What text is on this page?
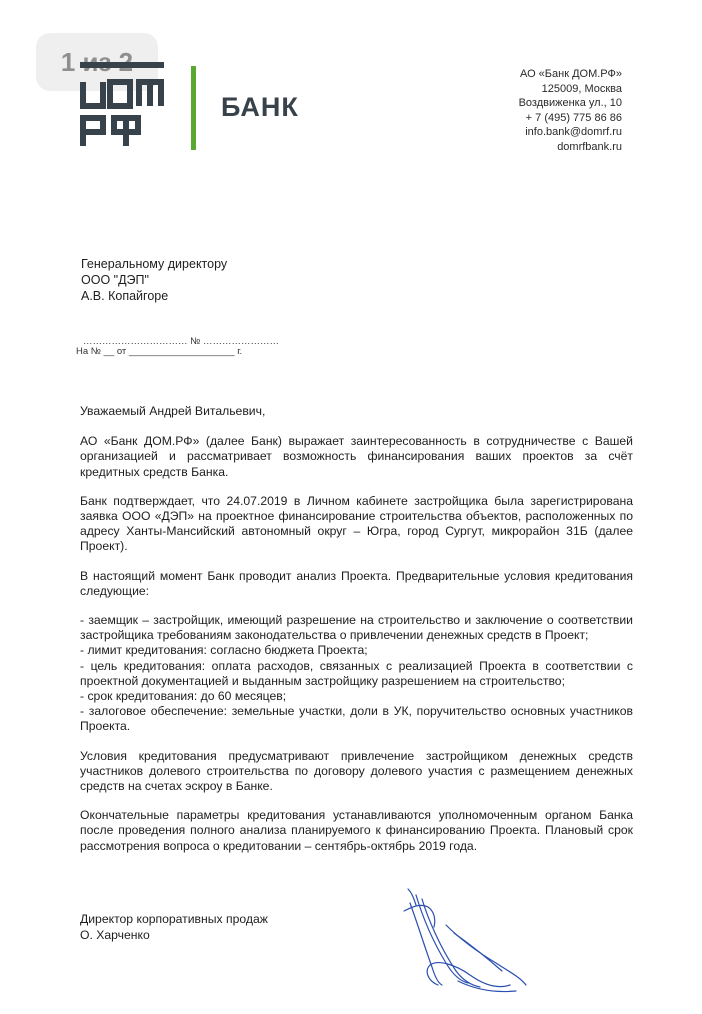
1 из 2
БАНК
АО «Банк ДОМ.РФ»
125009, Москва
Воздвиженка ул., 10
+ 7 (495) 775 86 86
info.bank@domrf.ru
domrfbank.ru
Генеральному директору
ООО "ДЭП"
А.В. Копайгоре
…………………………… № ……………………
На № __ от ____________________ г.

Уважаемый Андрей Витальевич,

АО «Банк ДОМ.РФ» (далее Банк) выражает заинтересованность в сотрудничестве с Вашей организацией и рассматривает возможность финансирования ваших проектов за счёт кредитных средств Банка.

Банк подтверждает, что 24.07.2019 в Личном кабинете застройщика была зарегистрирована заявка ООО «ДЭП» на проектное финансирование строительства объектов, расположенных по адресу Ханты-Мансийский автономный округ – Югра, город Сургут, микрорайон 31Б (далее Проект).

В настоящий момент Банк проводит анализ Проекта. Предварительные условия кредитования следующие:

- заемщик – застройщик, имеющий разрешение на строительство и заключение о соответствии застройщика требованиям законодательства о привлечении денежных средств в Проект;
- лимит кредитования: согласно бюджета Проекта;
- цель кредитования: оплата расходов, связанных с реализацией Проекта в соответствии с проектной документацией и выданным застройщику разрешением на строительство;
- срок кредитования: до 60 месяцев;
- залоговое обеспечение: земельные участки, доли в УК, поручительство основных участников Проекта.

Условия кредитования предусматривают привлечение застройщиком денежных средств участников долевого строительства по договору долевого участия с размещением денежных средств на счетах эскроу в Банке.

Окончательные параметры кредитования устанавливаются уполномоченным органом Банка после проведения полного анализа планируемого к финансированию Проекта. Плановый срок рассмотрения вопроса о кредитовании – сентябрь-октябрь 2019 года.

Директор корпоративных продаж
О. Харченко
